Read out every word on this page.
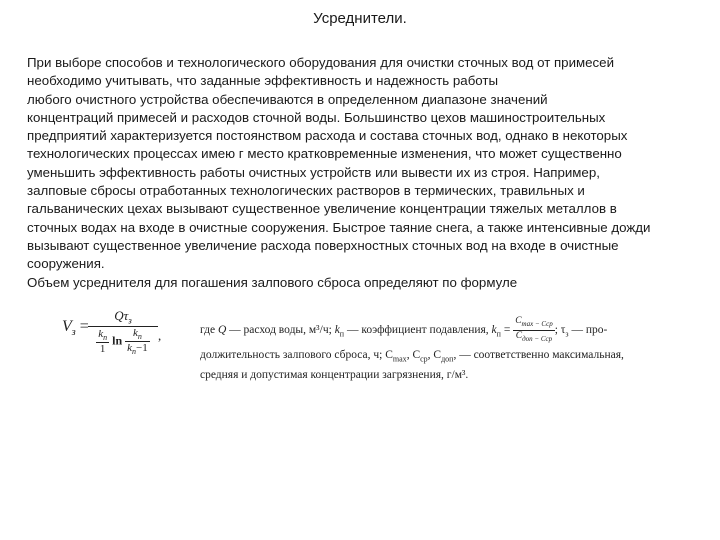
Усреднители.
При выборе способов и технологического оборудования для очистки сточных вод от примесей
необходимо учитывать, что заданные эффективность и надежность работы
любого очистного устройства обеспечиваются в определенном диапазоне значений
концентраций примесей и расходов сточной воды. Большинство цехов машиностроительных
предприятий характеризуется постоянством расхода и состава сточных вод, однако в некоторых
технологических процессах имею г место кратковременные изменения, что может существенно
уменьшить эффективность работы очистных устройств или вывести их из строя. Например,
залповые сбросы отработанных технологических растворов в термических, травильных и
гальванических цехах вызывают существенное увеличение концентрации тяжелых металлов в
сточных водах на входе в очистные сооружения. Быстрое таяние снега, а также интенсивные дожди
вызывают существенное увеличение расхода поверхностных сточных вод на входе в очистные
сооружения.
Объем усреднителя для погашения залпового сброса определяют по формуле
$V_з$ =
$Q\tau_з$
$\frac{k_п}{1}$ $\ln \frac{k_п}{k_п-1}$ ,	где Q — расход воды, м³/ч; $k_п$ — коэффициент подавления, $k_п = \frac{C_{max - Cср}}{C_{доп - Cср}}$ ; $\tau_з$ — про-
должительность залпового сброса, ч; $C_{max}$, $C_{ср}$, $C_{доп}$, — соответственно максимальная,
средняя и допустимая концентрации загрязнения, г/м³.
